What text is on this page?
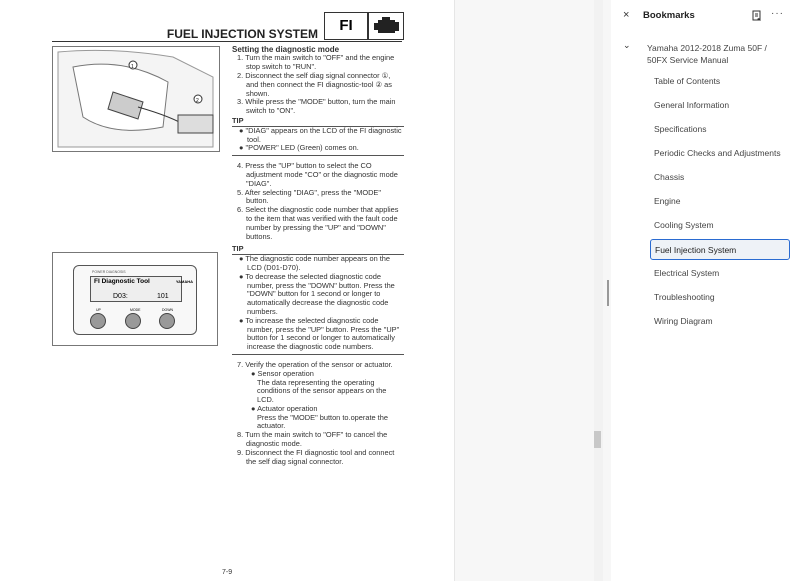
FUEL INJECTION SYSTEM	FI
1
2
POWER DIAGNOSIS
FI Diagnostic Tool	YAMAHA
D03:	101
UP	MODE	DOWN
Setting the diagnostic mode
1. Turn the main switch to "OFF" and the engine stop switch to "RUN".
2. Disconnect the self diag signal connector ①, and then connect the FI diagnostic-tool ② as shown.
3. While press the "MODE" button, turn the main switch to "ON".
TIP
● "DIAG" appears on the LCD of the FI diagnostic tool.
● "POWER" LED (Green) comes on.
4. Press the "UP" button to select the CO adjustment mode "CO" or the diagnostic mode "DIAG".
5. After selecting "DIAG", press the "MODE" button.
6. Select the diagnostic code number that applies to the item that was verified with the fault code number by pressing the "UP" and "DOWN" buttons.
TIP
● The diagnostic code number appears on the LCD (D01-D70).
● To decrease the selected diagnostic code number, press the "DOWN" button. Press the "DOWN" button for 1 second or longer to automatically decrease the diagnostic code numbers.
● To increase the selected diagnostic code number, press the "UP" button. Press the "UP" button for 1 second or longer to automatically increase the diagnostic code numbers.
7. Verify the operation of the sensor or actuator.
● Sensor operation
The data representing the operating conditions of the sensor appears on the LCD.
● Actuator operation
Press the "MODE" button to.operate the actuator.
8. Turn the main switch to "OFF" to cancel the diagnostic mode.
9. Disconnect the FI diagnostic tool and connect the self diag signal connector.
7-9
× Bookmarks	···
⌄ Yamaha 2012-2018 Zuma 50F / 50FX Service Manual
Table of Contents
General Information
Specifications
Periodic Checks and Adjustments
Chassis
Engine
Cooling System
Fuel Injection System
Electrical System
Troubleshooting
Wiring Diagram
